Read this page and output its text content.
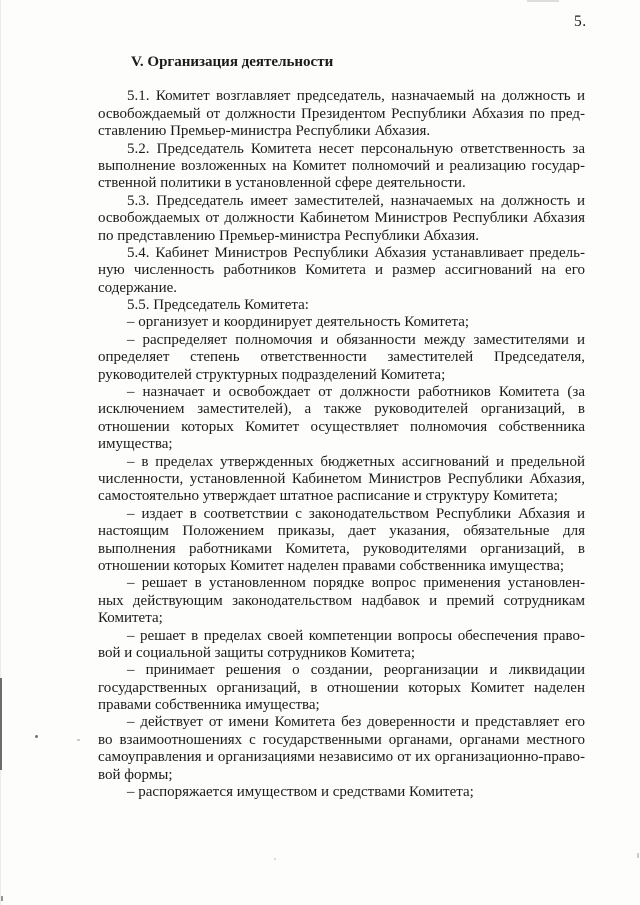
5.
V. Организация деятельности
5.1. Комитет возглавляет председатель, назначаемый на должность и
освобождаемый от должности Президентом Республики Абхазия по пред-
ставлению Премьер-министра Республики Абхазия.
5.2. Председатель Комитета несет персональную ответственность за
выполнение возложенных на Комитет полномочий и реализацию государ-
ственной политики в установленной сфере деятельности.
5.3. Председатель имеет заместителей, назначаемых на должность и
освобождаемых от должности Кабинетом Министров Республики Абхазия
по представлению Премьер-министра Республики Абхазия.
5.4. Кабинет Министров Республики Абхазия устанавливает предель-
ную численность работников Комитета и размер ассигнований на его
содержание.
5.5. Председатель Комитета:
– организует и координирует деятельность Комитета;
– распределяет полномочия и обязанности между заместителями и
определяет степень ответственности заместителей Председателя,
руководителей структурных подразделений Комитета;
– назначает и освобождает от должности работников Комитета (за
исключением заместителей), а также руководителей организаций, в
отношении которых Комитет осуществляет полномочия собственника
имущества;
– в пределах утвержденных бюджетных ассигнований и предельной
численности, установленной Кабинетом Министров Республики Абхазия,
самостоятельно утверждает штатное расписание и структуру Комитета;
– издает в соответствии с законодательством Республики Абхазия и
настоящим Положением приказы, дает указания, обязательные для
выполнения работниками Комитета, руководителями организаций, в
отношении которых Комитет наделен правами собственника имущества;
– решает в установленном порядке вопрос применения установлен-
ных действующим законодательством надбавок и премий сотрудникам
Комитета;
– решает в пределах своей компетенции вопросы обеспечения право-
вой и социальной защиты сотрудников Комитета;
– принимает решения о создании, реорганизации и ликвидации
государственных организаций, в отношении которых Комитет наделен
правами собственника имущества;
– действует от имени Комитета без доверенности и представляет его
во взаимоотношениях с государственными органами, органами местного
самоуправления и организациями независимо от их организационно-право-
вой формы;
– распоряжается имуществом и средствами Комитета;
